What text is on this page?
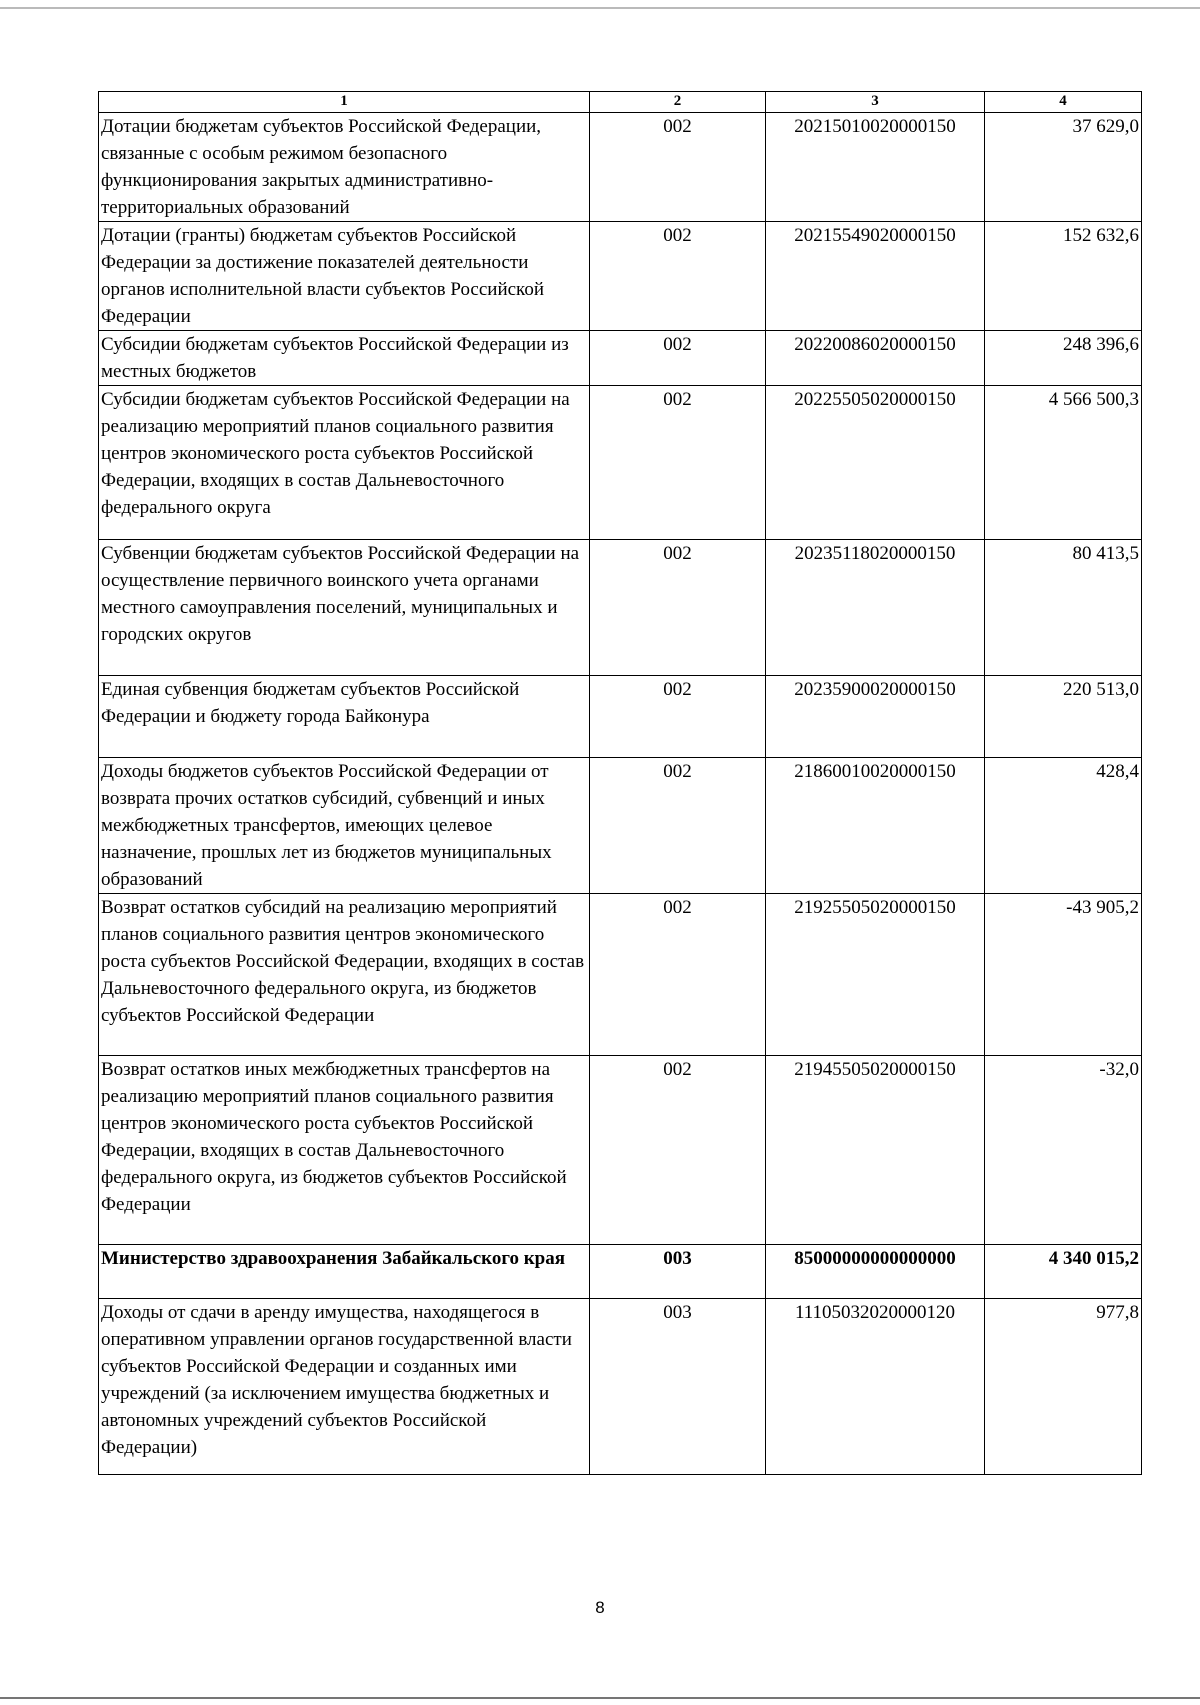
1	2	3	4
Дотации бюджетам субъектов Российской Федерации, связанные с особым режимом безопасного функционирования закрытых административно-территориальных образований	002	20215010020000150	37 629,0
Дотации (гранты) бюджетам субъектов Российской Федерации за достижение показателей деятельности органов исполнительной власти субъектов Российской Федерации	002	20215549020000150	152 632,6
Субсидии бюджетам субъектов Российской Федерации из местных бюджетов	002	20220086020000150	248 396,6
Субсидии бюджетам субъектов Российской Федерации на реализацию мероприятий планов социального развития центров экономического роста субъектов Российской Федерации, входящих в состав Дальневосточного федерального округа	002	20225505020000150	4 566 500,3
Субвенции бюджетам субъектов Российской Федерации на осуществление первичного воинского учета органами местного самоуправления поселений, муниципальных и городских округов	002	20235118020000150	80 413,5
Единая субвенция бюджетам субъектов Российской Федерации и бюджету города Байконура	002	20235900020000150	220 513,0
Доходы бюджетов субъектов Российской Федерации от возврата прочих остатков субсидий, субвенций и иных межбюджетных трансфертов, имеющих целевое назначение, прошлых лет из бюджетов муниципальных образований	002	21860010020000150	428,4
Возврат остатков субсидий на реализацию мероприятий планов социального развития центров экономического роста субъектов Российской Федерации, входящих в состав Дальневосточного федерального округа, из бюджетов субъектов Российской Федерации	002	21925505020000150	-43 905,2
Возврат остатков иных межбюджетных трансфертов на реализацию мероприятий планов социального развития центров экономического роста субъектов Российской Федерации, входящих в состав Дальневосточного федерального округа, из бюджетов субъектов Российской Федерации	002	21945505020000150	-32,0
Министерство здравоохранения Забайкальского края	003	85000000000000000	4 340 015,2
Доходы от сдачи в аренду имущества, находящегося в оперативном управлении органов государственной власти субъектов Российской Федерации и созданных ими учреждений (за исключением имущества бюджетных и автономных учреждений субъектов Российской Федерации)	003	11105032020000120	977,8
8
